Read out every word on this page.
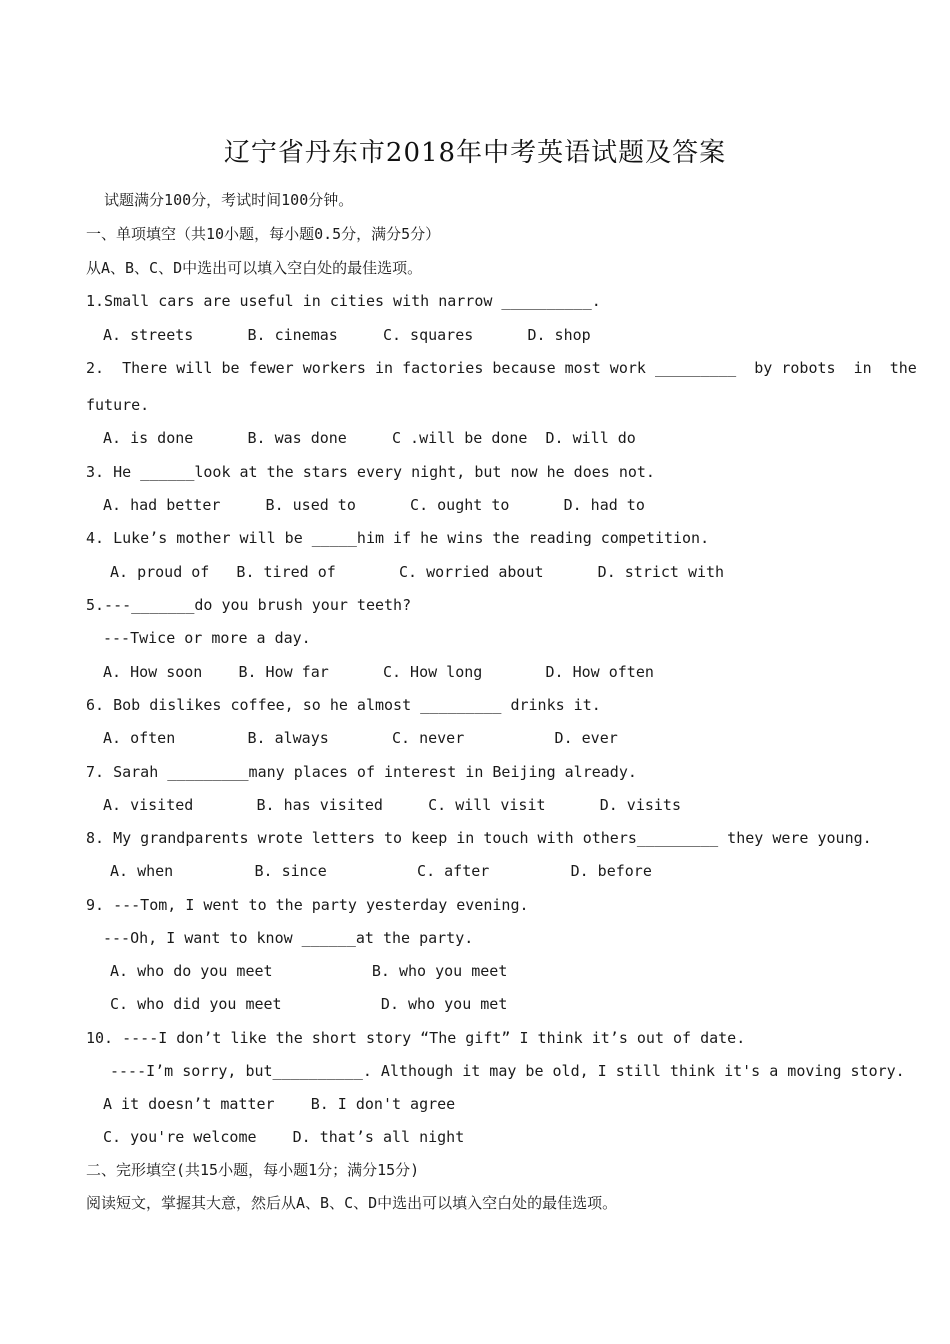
辽宁省丹东市2018年中考英语试题及答案
试题满分100分，考试时间100分钟。
一、单项填空（共10小题，每小题0.5分，满分5分）
从A、B、C、D中选出可以填入空白处的最佳选项。
1.Small cars are useful in cities with narrow __________.
A. streets      B. cinemas     C. squares      D. shop
2.  There will be fewer workers in factories because most work _________  by robots  in  the
future.
A. is done      B. was done     C .will be done  D. will do
3. He ______look at the stars every night, but now he does not.
A. had better     B. used to      C. ought to      D. had to
4. Luke’s mother will be _____him if he wins the reading competition.
A. proud of   B. tired of       C. worried about      D. strict with
5.---_______do you brush your teeth?
---Twice or more a day.
A. How soon    B. How far      C. How long       D. How often
6. Bob dislikes coffee, so he almost _________ drinks it.
A. often        B. always       C. never          D. ever
7. Sarah _________many places of interest in Beijing already.
A. visited       B. has visited     C. will visit      D. visits
8. My grandparents wrote letters to keep in touch with others_________ they were young.
A. when         B. since          C. after         D. before
9. ---Tom, I went to the party yesterday evening.
---Oh, I want to know ______at the party.
A. who do you meet           B. who you meet
C. who did you meet           D. who you met
10. ----I don’t like the short story “The gift” I think it’s out of date.
----I’m sorry, but__________. Although it may be old, I still think it's a moving story.
A it doesn’t matter    B. I don't agree
C. you're welcome    D. that’s all night
二、完形填空(共15小题，每小题1分；满分15分)
阅读短文，掌握其大意，然后从A、B、C、D中选出可以填入空白处的最佳选项。
